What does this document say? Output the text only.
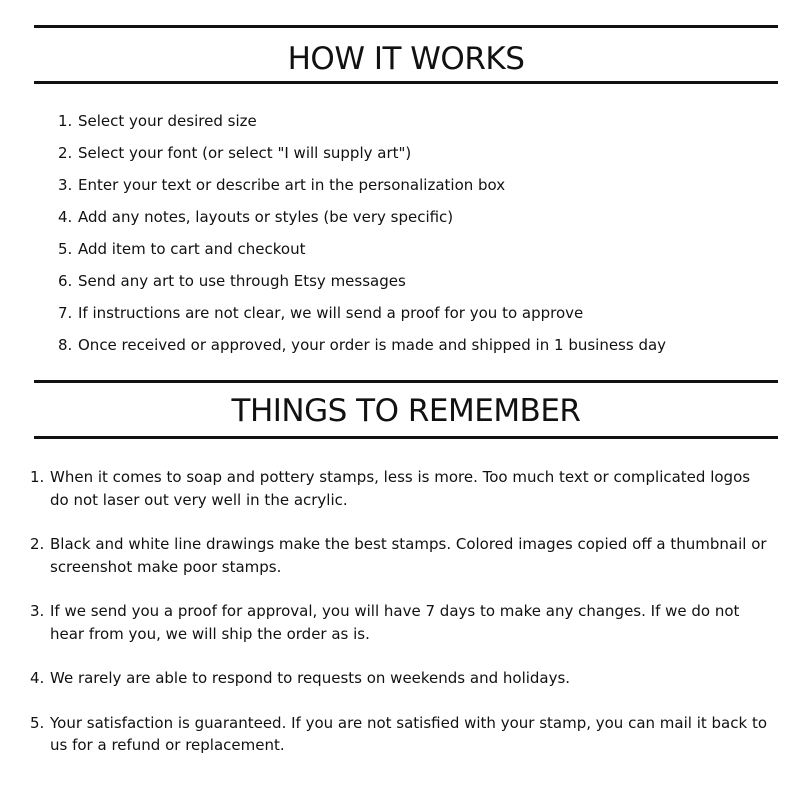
HOW IT WORKS
1. Select your desired size
2. Select your font (or select "I will supply art")
3. Enter your text or describe art in the personalization box
4. Add any notes, layouts or styles (be very specific)
5. Add item to cart and checkout
6. Send any art to use through Etsy messages
7. If instructions are not clear, we will send a proof for you to approve
8. Once received or approved, your order is made and shipped in 1 business day
THINGS TO REMEMBER
1. When it comes to soap and pottery stamps, less is more. Too much text or complicated logos do not laser out very well in the acrylic.
2. Black and white line drawings make the best stamps. Colored images copied off a thumbnail or screenshot make poor stamps.
3. If we send you a proof for approval, you will have 7 days to make any changes. If we do not hear from you, we will ship the order as is.
4. We rarely are able to respond to requests on weekends and holidays.
5. Your satisfaction is guaranteed. If you are not satisfied with your stamp, you can mail it back to us for a refund or replacement.
